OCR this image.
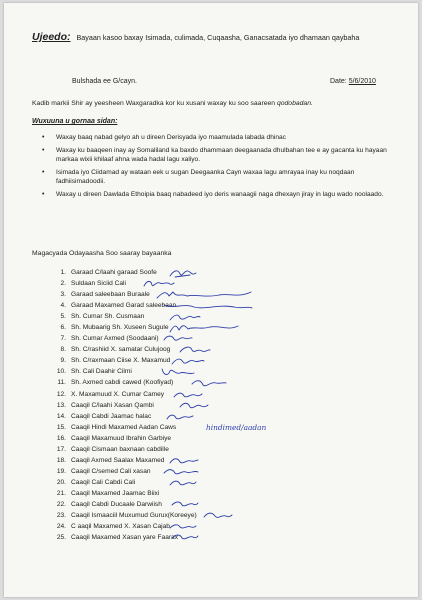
Ujeedo: Bayaan kasoo baxay Isimada, culimada, Cuqaasha, Ganacsatada iyo dhamaan qaybaha
Bulshada ee G/cayn.	Date: 5/6/2010
Kadib markii Shir ay yeesheen Waxgaradka kor ku xusani waxay ku soo saareen qodobadan.
Wuxuuna u gornaa sidan:
• Waxay baaq nabad gelyo ah u direen Derisyada iyo maamulada labada dhinac
• Waxay ku baaqeen inay ay Somaliland ka baxdo dhammaan deegaanada dhulbahan tee e ay gacanta ku hayaan markaa wixii khilaaf ahna wada hadal lagu xaliyo.
• Isimada iyo Ciidamad ay wataan eek u sugan Deegaanka Cayn waxaa lagu amrayaa inay ku noqdaan fadhiisimadoodii.
• Waxay u direen Dawlada Ethoipia baaq nabadeed iyo deris wanaagii naga dhexayn jiray in lagu wado noolaado.
Magacyada Odayaasha Soo saaray bayaanka
1. Garaad C/laahi garaad Soofe
2. Suldaan Siciid Cali
3. Garaad saleebaan Buraale
4. Garaad Maxamed Garad saleebaan
5. Sh. Cumar Sh. Cusmaan
6. Sh. Mubaarig Sh. Xuseen Sugule
7. Sh. Cumar Axmed (Soodaani)
8. Sh. C/rashiid X. samatar Culujoog
9. Sh. C/raxmaan Ciise X. Maxamud
10. Sh. Cali Daahir Cilmi
11. Sh. Axmed cabdi cawed (Koofiyad)
12. X. Maxamuud X. Cumar Camey
13. Caaqil C/laahi Xasan Qambi
14. Caaqil Cabdi Jaamac halac
15. Caaqil Hindi Maxamed Aadan Caws	hindimed/aadan
16. Caaqil Maxamuud Ibrahin Garbiye
17. Caaqil Cismaan baxnaan cabdille
18. Caaqil Axmed Saalax Maxamed
19. Caaqil C/semed Cali xasan
20. Caaqil Cali Cabdi Cali
21. Caaqil Maxamed Jaamac Biixi
22. Caaqil Cabdi Ducaale Darwiish
23. Caaqil Ismaaciil Muxumud Gurux(Koreeye)
24. C aaqil Maxamed X. Xasan Cajab
25. Caaqil Maxamed Xasan yare Faarax
